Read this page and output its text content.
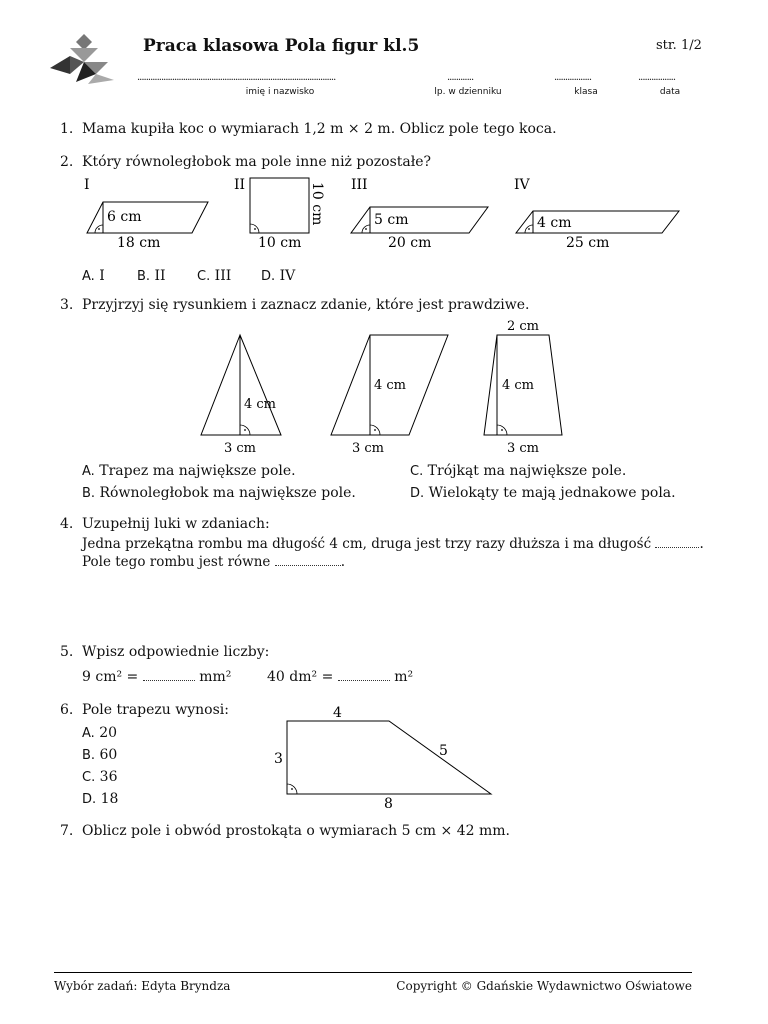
Praca klasowa Pola figur kl.5	str. 1/2
...........................................................................................	............	.................	.................
imię i nazwisko	lp. w dzienniku	klasa	data
1. Mama kupiła koc o wymiarach 1,2 m × 2 m. Oblicz pole tego koca.
2. Który równoległobok ma pole inne niż pozostałe?
I
6 cm
18 cm
II	10 cm
10 cm
III
5 cm
20 cm
IV
4 cm
25 cm
A. I B. II C. III D. IV
3. Przyjrzyj się rysunkiem i zaznacz zdanie, które jest prawdziwe.
4 cm
3 cm
4 cm
3 cm
2 cm
4 cm
3 cm
A. Trapez ma największe pole.	C. Trójkąt ma największe pole.
B. Równoległobok ma największe pole.	D. Wielokąty te mają jednakowe pola.
4. Uzupełnij luki w zdaniach:
Jedna przekątna rombu ma długość 4 cm, druga jest trzy razy dłuższa i ma długość	.
Pole tego rombu jest równe	.
5. Wpisz odpowiednie liczby:
9 cm² =	mm²	40 dm² =	m²
6. Pole trapezu wynosi:
A. 20
B. 60
C. 36
D. 18
4
3	5
8
7. Oblicz pole i obwód prostokąta o wymiarach 5 cm × 42 mm.
Wybór zadań: Edyta Bryndza	Copyright © Gdańskie Wydawnictwo Oświatowe
